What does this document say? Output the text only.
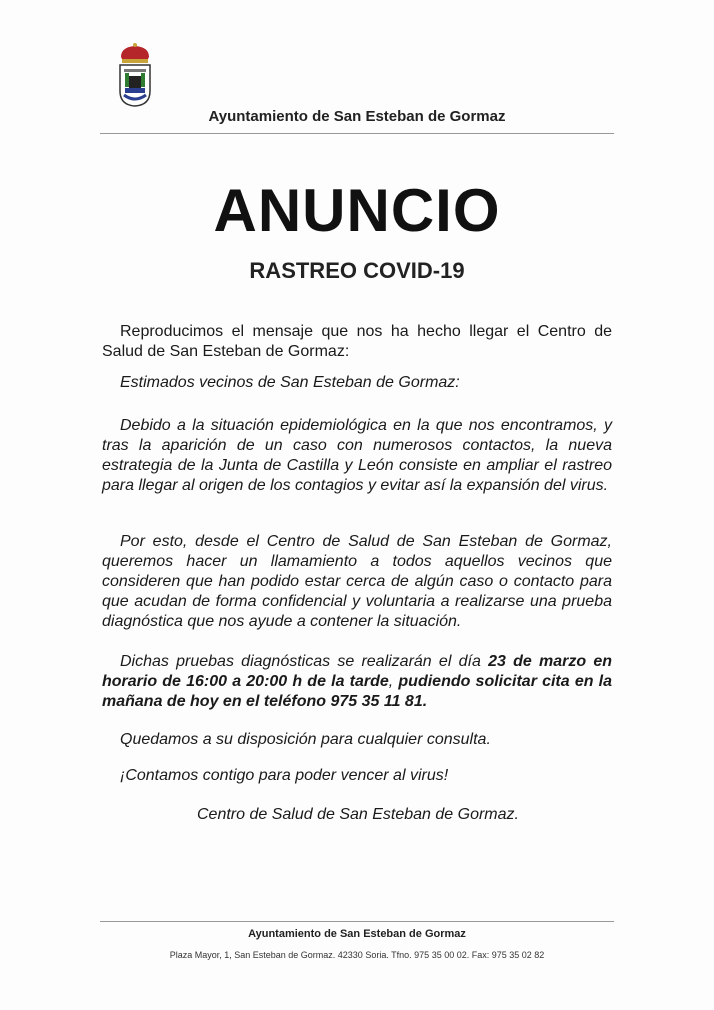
Ayuntamiento de San Esteban de Gormaz
ANUNCIO
RASTREO COVID-19
Reproducimos el mensaje que nos ha hecho llegar el Centro de Salud de San Esteban de Gormaz:
Estimados vecinos de San Esteban de Gormaz:
Debido a la situación epidemiológica en la que nos encontramos, y tras la aparición de un caso con numerosos contactos, la nueva estrategia de la Junta de Castilla y León consiste en ampliar el rastreo para llegar al origen de los contagios y evitar así la expansión del virus.
Por esto, desde el Centro de Salud de San Esteban de Gormaz, queremos hacer un llamamiento a todos aquellos vecinos que consideren que han podido estar cerca de algún caso o contacto para que acudan de forma confidencial y voluntaria a realizarse una prueba diagnóstica que nos ayude a contener la situación.
Dichas pruebas diagnósticas se realizarán el día 23 de marzo en horario de 16:00 a 20:00 h de la tarde, pudiendo solicitar cita en la mañana de hoy en el teléfono 975 35 11 81.
Quedamos a su disposición para cualquier consulta.
¡Contamos contigo para poder vencer al virus!
Centro de Salud de San Esteban de Gormaz.
Ayuntamiento de San Esteban de Gormaz
Plaza Mayor, 1, San Esteban de Gormaz. 42330 Soria. Tfno. 975 35 00 02. Fax: 975 35 02 82
